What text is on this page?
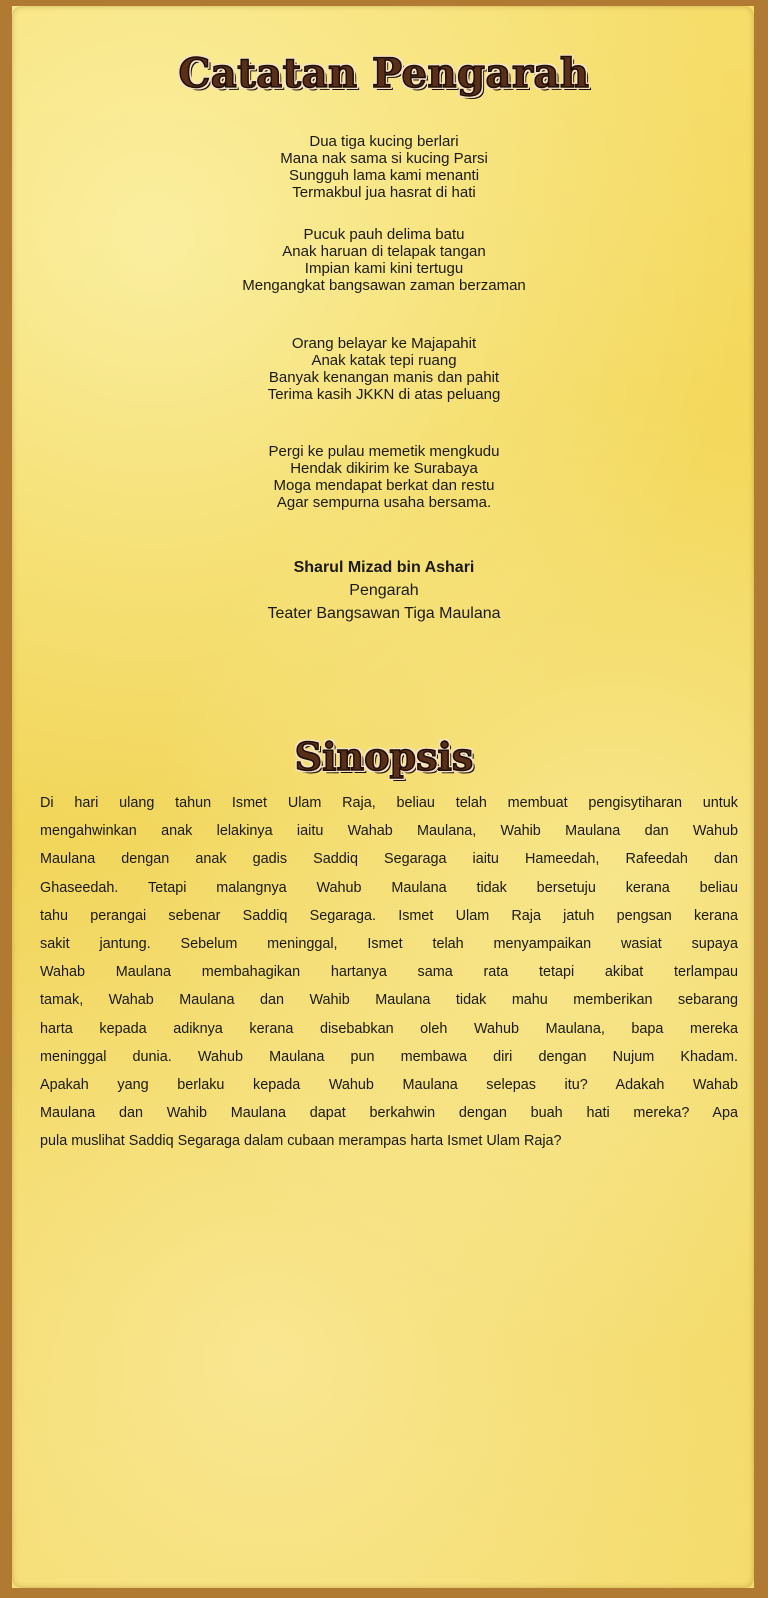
Catatan Pengarah
Dua tiga kucing berlari
Mana nak sama si kucing Parsi
Sungguh lama kami menanti
Termakbul jua hasrat di hati
Pucuk pauh delima batu
Anak haruan di telapak tangan
Impian kami kini tertugu
Mengangkat bangsawan zaman berzaman
Orang belayar ke Majapahit
Anak katak tepi ruang
Banyak kenangan manis dan pahit
Terima kasih JKKN di atas peluang
Pergi ke pulau memetik mengkudu
Hendak dikirim ke Surabaya
Moga mendapat berkat dan restu
Agar sempurna usaha bersama.
Sharul Mizad bin Ashari
Pengarah
Teater Bangsawan Tiga Maulana
Sinopsis
Di hari ulang tahun Ismet Ulam Raja, beliau telah membuat pengisytiharan untuk
mengahwinkan anak lelakinya iaitu Wahab Maulana, Wahib Maulana dan Wahub
Maulana dengan anak gadis Saddiq Segaraga iaitu Hameedah, Rafeedah dan
Ghaseedah. Tetapi malangnya Wahub Maulana tidak bersetuju kerana beliau
tahu perangai sebenar Saddiq Segaraga. Ismet Ulam Raja jatuh pengsan kerana
sakit jantung. Sebelum meninggal, Ismet telah menyampaikan wasiat supaya
Wahab Maulana membahagikan hartanya sama rata tetapi akibat terlampau
tamak, Wahab Maulana dan Wahib Maulana tidak mahu memberikan sebarang
harta kepada adiknya kerana disebabkan oleh Wahub Maulana, bapa mereka
meninggal dunia. Wahub Maulana pun membawa diri dengan Nujum Khadam.
Apakah yang berlaku kepada Wahub Maulana selepas itu? Adakah Wahab
Maulana dan Wahib Maulana dapat berkahwin dengan buah hati mereka? Apa
pula muslihat Saddiq Segaraga dalam cubaan merampas harta Ismet Ulam Raja?
